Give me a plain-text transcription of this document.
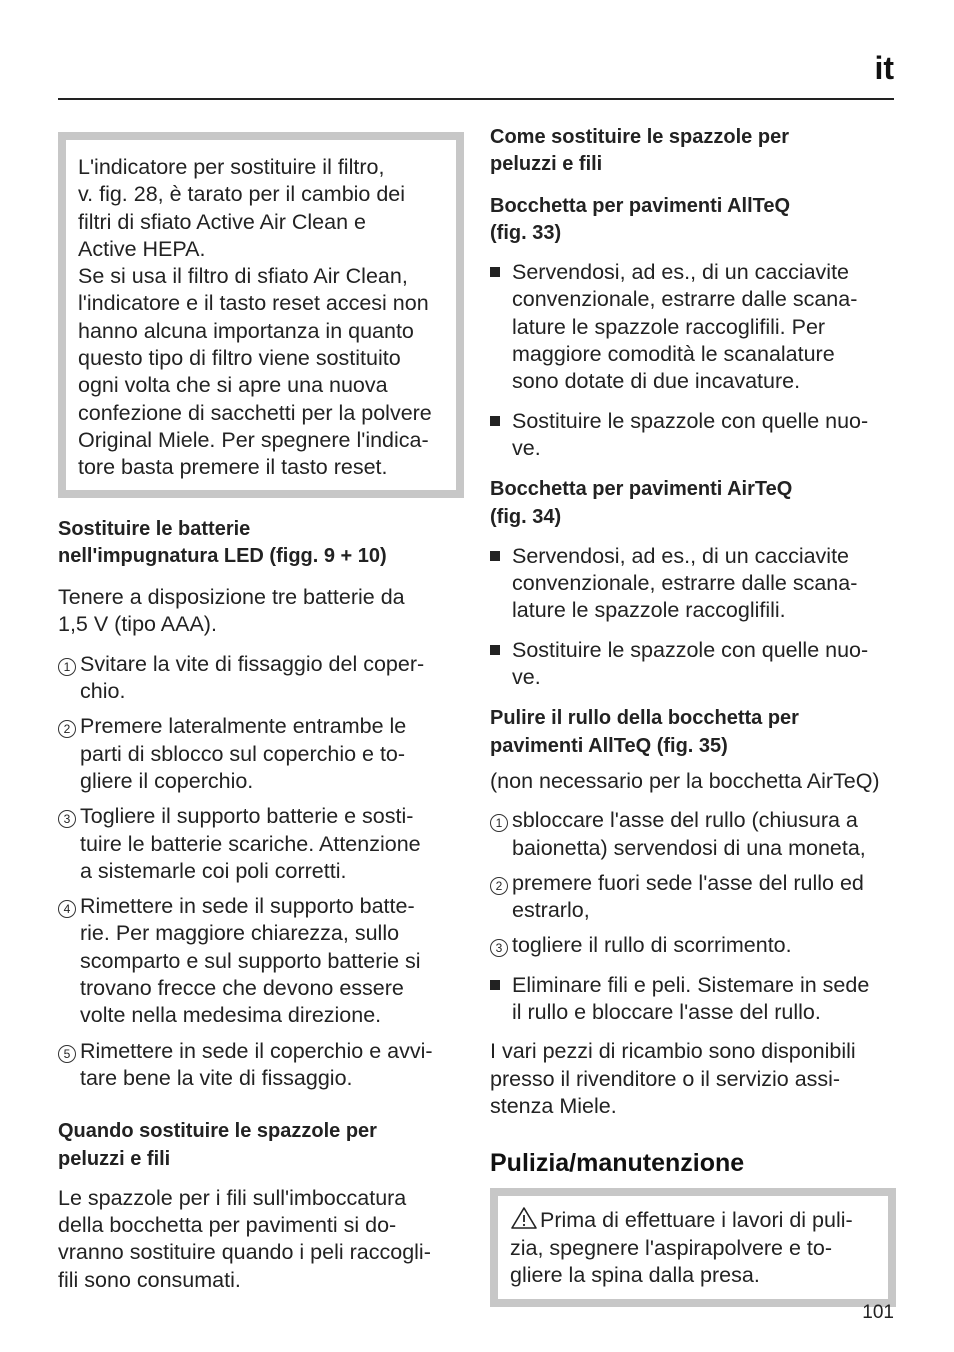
it

L'indicatore per sostituire il filtro,
v. fig. 28, è tarato per il cambio dei
filtri di sfiato Active Air Clean e
Active HEPA.
Se si usa il filtro di sfiato Air Clean,
l'indicatore e il tasto reset accesi non
hanno alcuna importanza in quanto
questo tipo di filtro viene sostituito
ogni volta che si apre una nuova
confezione di sacchetti per la polvere
Original Miele. Per spegnere l'indica-
tore basta premere il tasto reset.

Sostituire le batterie
nell'impugnatura LED (figg. 9 + 10)

Tenere a disposizione tre batterie da
1,5 V (tipo AAA).

1 Svitare la vite di fissaggio del coper-
chio.

2 Premere lateralmente entrambe le
parti di sblocco sul coperchio e to-
gliere il coperchio.

3 Togliere il supporto batterie e sosti-
tuire le batterie scariche. Attenzione
a sistemarle coi poli corretti.

4 Rimettere in sede il supporto batte-
rie. Per maggiore chiarezza, sullo
scomparto e sul supporto batterie si
trovano frecce che devono essere
volte nella medesima direzione.

5 Rimettere in sede il coperchio e avvi-
tare bene la vite di fissaggio.

Quando sostituire le spazzole per
peluzzi e fili

Le spazzole per i fili sull'imboccatura
della bocchetta per pavimenti si do-
vranno sostituire quando i peli raccogli-
fili sono consumati.

Come sostituire le spazzole per
peluzzi e fili

Bocchetta per pavimenti AllTeQ
(fig. 33)

Servendosi, ad es., di un cacciavite
convenzionale, estrarre dalle scana-
lature le spazzole raccoglifili. Per
maggiore comodità le scanalature
sono dotate di due incavature.

Sostituire le spazzole con quelle nuo-
ve.

Bocchetta per pavimenti AirTeQ
(fig. 34)

Servendosi, ad es., di un cacciavite
convenzionale, estrarre dalle scana-
lature le spazzole raccoglifili.

Sostituire le spazzole con quelle nuo-
ve.

Pulire il rullo della bocchetta per
pavimenti AllTeQ (fig. 35)

(non necessario per la bocchetta AirTeQ)

1 sbloccare l'asse del rullo (chiusura a
baionetta) servendosi di una moneta,

2 premere fuori sede l'asse del rullo ed
estrarlo,

3 togliere il rullo di scorrimento.

Eliminare fili e peli. Sistemare in sede
il rullo e bloccare l'asse del rullo.

I vari pezzi di ricambio sono disponibili
presso il rivenditore o il servizio assi-
stenza Miele.

Pulizia/manutenzione

Prima di effettuare i lavori di puli-
zia, spegnere l'aspirapolvere e to-
gliere la spina dalla presa.

101
